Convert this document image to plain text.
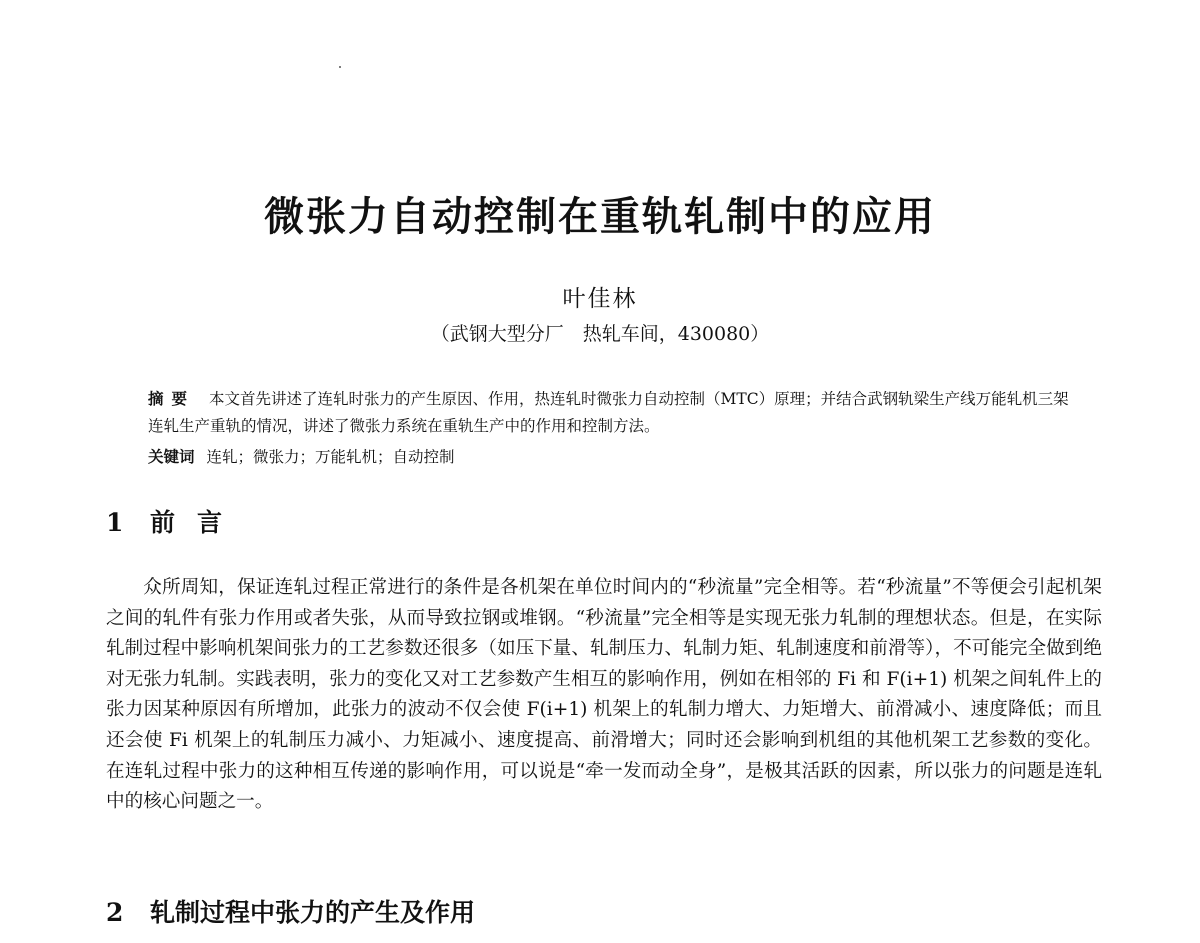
微张力自动控制在重轨轧制中的应用

叶佳林

（武钢大型分厂　热轧车间，430080）

摘要 本文首先讲述了连轧时张力的产生原因、作用，热连轧时微张力自动控制（MTC）原理；并结合武钢轨梁生产线万能轧机三架连轧生产重轨的情况，讲述了微张力系统在重轨生产中的作用和控制方法。

关键词 连轧；微张力；万能轧机；自动控制

1 前言

众所周知，保证连轧过程正常进行的条件是各机架在单位时间内的“秒流量”完全相等。若“秒流量”不等便会引起机架之间的轧件有张力作用或者失张，从而导致拉钢或堆钢。“秒流量”完全相等是实现无张力轧制的理想状态。但是，在实际轧制过程中影响机架间张力的工艺参数还很多（如压下量、轧制压力、轧制力矩、轧制速度和前滑等），不可能完全做到绝对无张力轧制。实践表明，张力的变化又对工艺参数产生相互的影响作用，例如在相邻的 Fi 和 F(i+1) 机架之间轧件上的张力因某种原因有所增加，此张力的波动不仅会使 F(i+1) 机架上的轧制力增大、力矩增大、前滑减小、速度降低；而且还会使 Fi 机架上的轧制压力减小、力矩减小、速度提高、前滑增大；同时还会影响到机组的其他机架工艺参数的变化。在连轧过程中张力的这种相互传递的影响作用，可以说是“牵一发而动全身”，是极其活跃的因素，所以张力的问题是连轧中的核心问题之一。

2 轧制过程中张力的产生及作用
